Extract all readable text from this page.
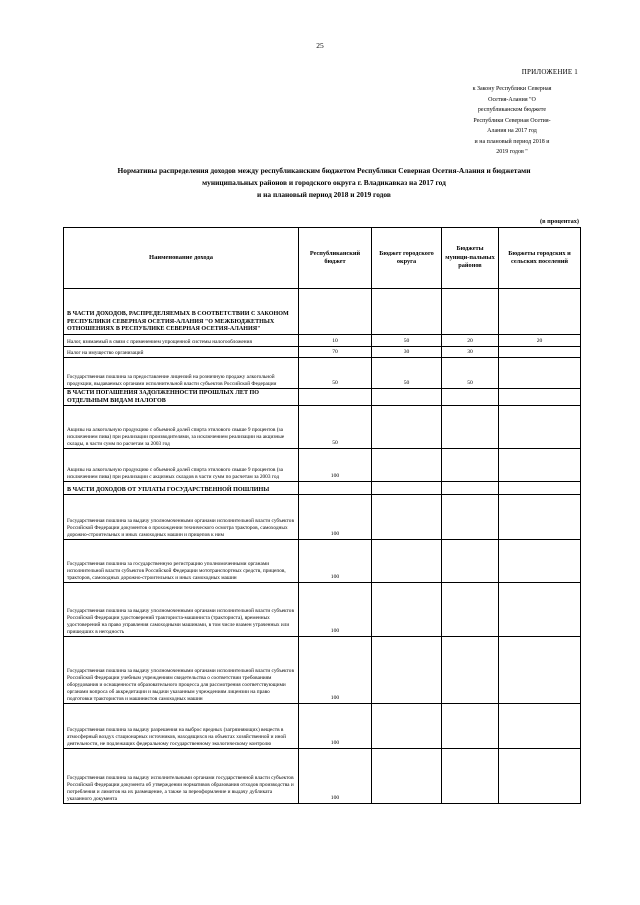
25
ПРИЛОЖЕНИЕ 1
к Закону Республики Северная
Осетия-Алания "О
республиканском бюджете
Республики Северная Осетия-
Алания на 2017 год
и на плановый период 2018 и
2019 годов "
Нормативы распределения доходов между республиканским бюджетом Республики Северная Осетия-Алания и бюджетами
муниципальных районов и городского округа г. Владикавказ на 2017 год
и на плановый период 2018 и 2019 годов
(в процентах)
Наименование дохода	Республиканский бюджет	Бюджет городского округа	Бюджеты муници-пальных районов	Бюджеты городских и сельских поселений
В ЧАСТИ ДОХОДОВ, РАСПРЕДЕЛЯЕМЫХ В СООТВЕТСТВИИ С ЗАКОНОМ РЕСПУБЛИКИ СЕВЕРНАЯ ОСЕТИЯ-АЛАНИЯ "О МЕЖБЮДЖЕТНЫХ ОТНОШЕНИЯХ В РЕСПУБЛИКЕ СЕВЕРНАЯ ОСЕТИЯ-АЛАНИЯ"				
Налог, взимаемый в связи с применением упрощенной системы налогообложения	10	50	20	20
Налог на имущество организаций	70	30	30	
Государственная пошлина за предоставление лицензий на розничную продажу алкогольной продукции, выдаваемых органами исполнительной власти субъектов Российской Федерации	50	50	50	
В ЧАСТИ ПОГАШЕНИЯ ЗАДОЛЖЕННОСТИ ПРОШЛЫХ ЛЕТ ПО ОТДЕЛЬНЫМ ВИДАМ НАЛОГОВ				
Акцизы на алкогольную продукцию с объемной долей спирта этилового свыше 9 процентов (за исключением пива) при реализации производителями, за исключением реализации на акцизные склады, в части сумм по расчетам за 2003 год	50			
Акцизы на алкогольную продукцию с объемной долей спирта этилового свыше 9 процентов (за исключением пива) при реализации с акцизных складов в части сумм по расчетам за 2003 год	100			
В ЧАСТИ ДОХОДОВ ОТ УПЛАТЫ ГОСУДАРСТВЕННОЙ ПОШЛИНЫ				
Государственная пошлина за выдачу уполномоченными органами исполнительной власти субъектов Российской Федерации документов о прохождении технического осмотра тракторов, самоходных дорожно-строительных и иных самоходных машин и прицепов к ним	100			
Государственная пошлина за государственную регистрацию уполномоченными органами исполнительной власти субъектов Российской Федерации мототранспортных средств, прицепов, тракторов, самоходных дорожно-строительных и иных самоходных машин	100			
Государственная пошлина за выдачу уполномоченными органами исполнительной власти субъектов Российской Федерации удостоверений тракториста-машиниста (тракториста), временных удостоверений на право управления самоходными машинами, в том числе взамен утраченных или пришедших в негодность	100			
Государственная пошлина за выдачу уполномоченными органами исполнительной власти субъектов Российской Федерации учебным учреждениям свидетельства о соответствии требованиям оборудования и оснащенности образовательного процесса для рассмотрения соответствующими органами вопроса об аккредитации и выдачи указанным учреждениям лицензии на право подготовки трактористов и машинистов самоходных машин	100			
Государственная пошлина за выдачу разрешения на выброс вредных (загрязняющих) веществ в атмосферный воздух стационарных источников, находящихся на объектах хозяйственной и иной деятельности, не подлежащих федеральному государственному экологическому контролю	100			
Государственная пошлина за выдачу исполнительными органами государственной власти субъектов Российской Федерации документа об утверждении нормативов образования отходов производства и потребления и лимитов на их размещение, а также за переоформление и выдачу дубликата указанного документа	100			
